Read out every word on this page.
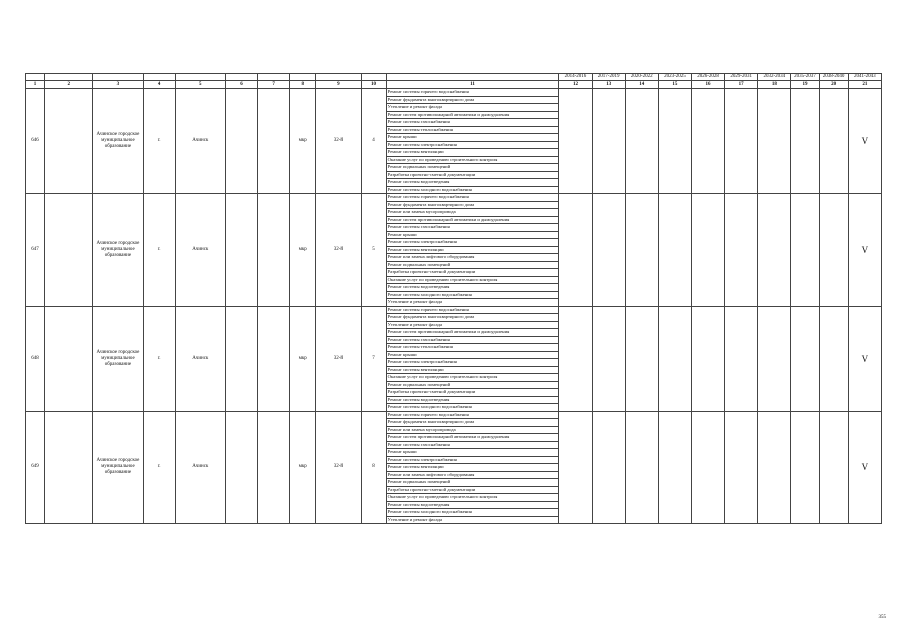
											2014-2016	2017-2019	2020-2022	2023-2025	2026-2028	2029-2031	2032-2034	2035-2037	2038-2040	2041-2043
1	2	3	4	5	6	7	8	9	10	11	12	13	14	15	16	17	18	19	20	21
646		Ачинское городское муниципальное образование	г.	Ачинск			мкр	32-й	4	Ремонт системы горячего водоснабжения										V
										Ремонт фундамента многоквартирного дома										
										Утепление и ремонт фасада										
										Ремонт систем противопожарной автоматики и дымоудаления										
										Ремонт системы газоснабжения										
										Ремонт системы теплоснабжения										
										Ремонт крыши										
										Ремонт системы электроснабжения										
										Ремонт системы вентиляции										
										Оказание услуг по проведению строительного контроля										
										Ремонт подвальных помещений										
										Разработка проектно-сметной документации										
										Ремонт системы водоотведения										
										Ремонт системы холодного водоснабжения										
647		Ачинское городское муниципальное образование	г.	Ачинск			мкр	32-й	5	Ремонт системы горячего водоснабжения										V
										Ремонт фундамента многоквартирного дома										
										Ремонт или замена мусоропровода										
										Ремонт систем противопожарной автоматики и дымоудаления										
										Ремонт системы газоснабжения										
										Ремонт крыши										
										Ремонт системы электроснабжения										
										Ремонт системы вентиляции										
										Ремонт или замена лифтового оборудования										
										Ремонт подвальных помещений										
										Разработка проектно-сметной документации										
										Оказание услуг по проведению строительного контроля										
										Ремонт системы водоотведения										
										Ремонт системы холодного водоснабжения										
										Утепление и ремонт фасада										
648		Ачинское городское муниципальное образование	г.	Ачинск			мкр	32-й	7	Ремонт системы горячего водоснабжения										V
										Ремонт фундамента многоквартирного дома										
										Утепление и ремонт фасада										
										Ремонт систем противопожарной автоматики и дымоудаления										
										Ремонт системы газоснабжения										
										Ремонт системы теплоснабжения										
										Ремонт крыши										
										Ремонт системы электроснабжения										
										Ремонт системы вентиляции										
										Оказание услуг по проведению строительного контроля										
										Ремонт подвальных помещений										
										Разработка проектно-сметной документации										
										Ремонт системы водоотведения										
										Ремонт системы холодного водоснабжения										
649		Ачинское городское муниципальное образование	г.	Ачинск			мкр	32-й	8	Ремонт системы горячего водоснабжения										V
										Ремонт фундамента многоквартирного дома										
										Ремонт или замена мусоропровода										
										Ремонт систем противопожарной автоматики и дымоудаления										
										Ремонт системы газоснабжения										
										Ремонт крыши										
										Ремонт системы электроснабжения										
										Ремонт системы вентиляции										
										Ремонт или замена лифтового оборудования										
										Ремонт подвальных помещений										
										Разработка проектно-сметной документации										
										Оказание услуг по проведению строительного контроля										
										Ремонт системы водоотведения										
										Ремонт системы холодного водоснабжения										
										Утепление и ремонт фасада										
355
